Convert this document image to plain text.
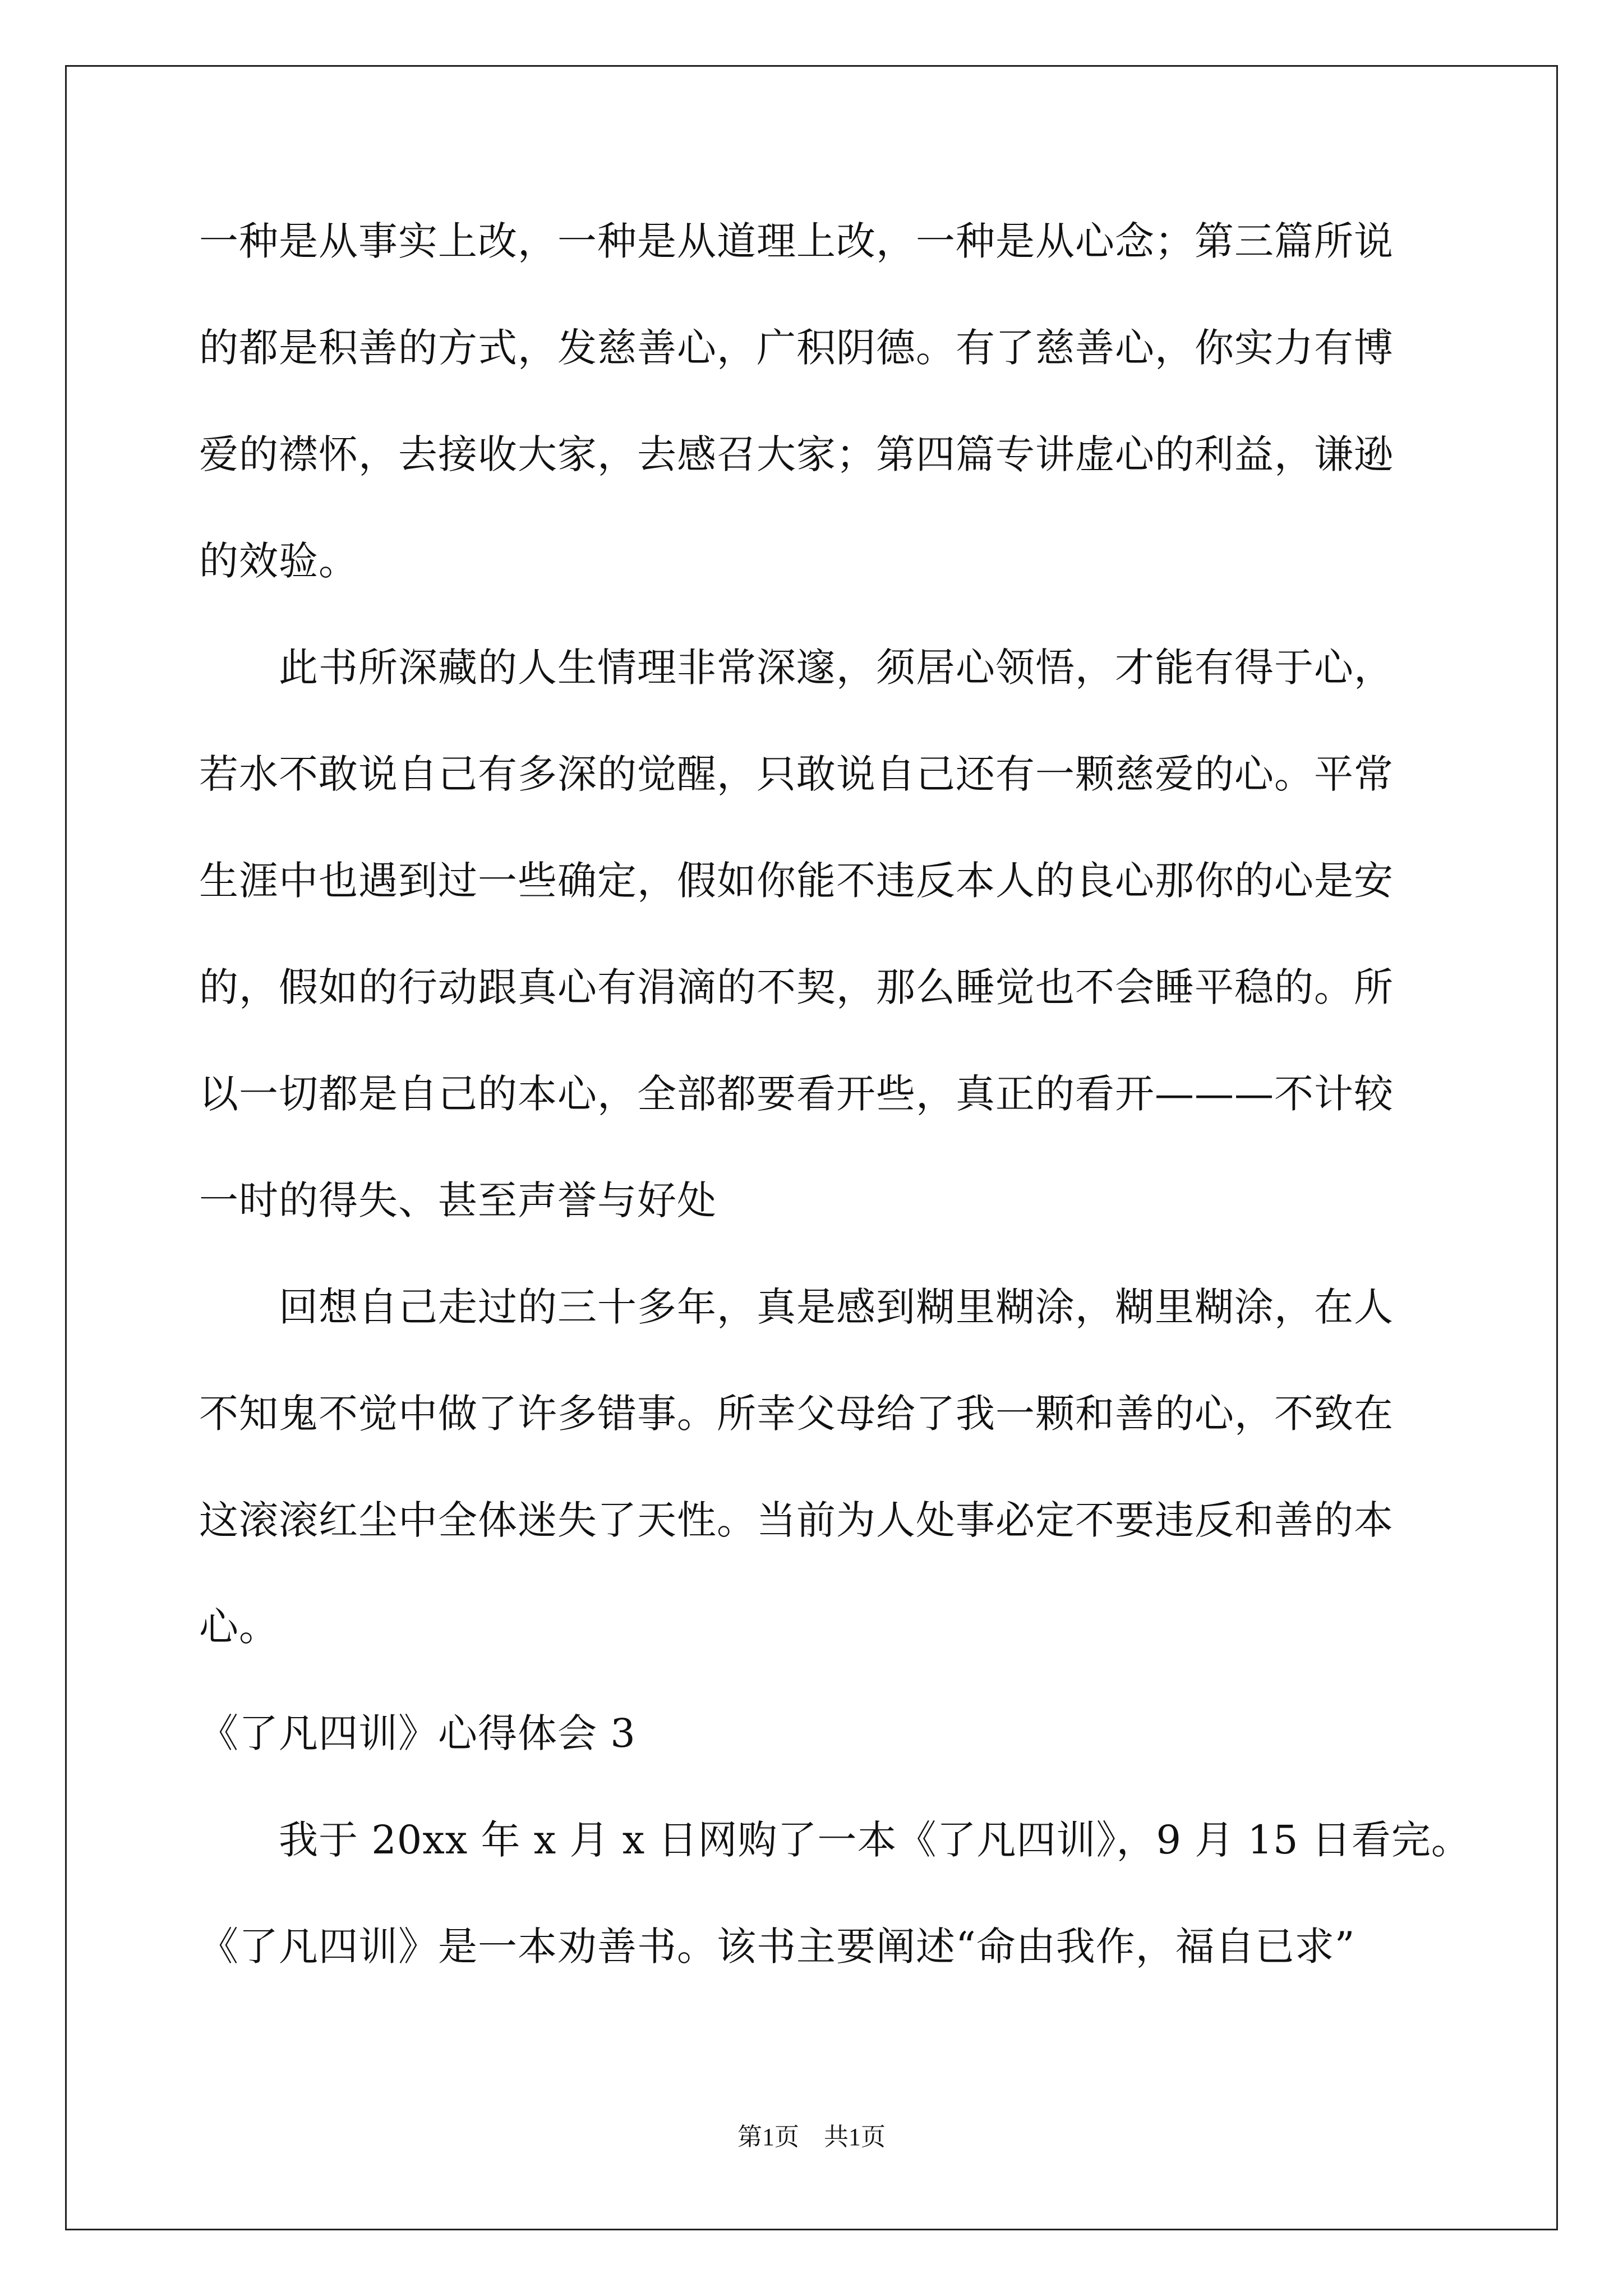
一种是从事实上改，一种是从道理上改，一种是从心念；第三篇所说
的都是积善的方式，发慈善心，广积阴德。有了慈善心，你实力有博
爱的襟怀，去接收大家，去感召大家；第四篇专讲虚心的利益，谦逊
的效验。
　　此书所深藏的人生情理非常深邃，须居心领悟，才能有得于心，
若水不敢说自己有多深的觉醒，只敢说自己还有一颗慈爱的心。平常
生涯中也遇到过一些确定，假如你能不违反本人的良心那你的心是安
的，假如的行动跟真心有涓滴的不契，那么睡觉也不会睡平稳的。所
以一切都是自己的本心，全部都要看开些，真正的看开———不计较
一时的得失、甚至声誉与好处
　　回想自己走过的三十多年，真是感到糊里糊涂，糊里糊涂，在人
不知鬼不觉中做了许多错事。所幸父母给了我一颗和善的心，不致在
这滚滚红尘中全体迷失了天性。当前为人处事必定不要违反和善的本
心。
《了凡四训》心得体会 3
　　我于 20xx 年 x 月 x 日网购了一本《了凡四训》，9 月 15 日看完。
《了凡四训》是一本劝善书。该书主要阐述“命由我作，福自已求”
第1页　共1页
